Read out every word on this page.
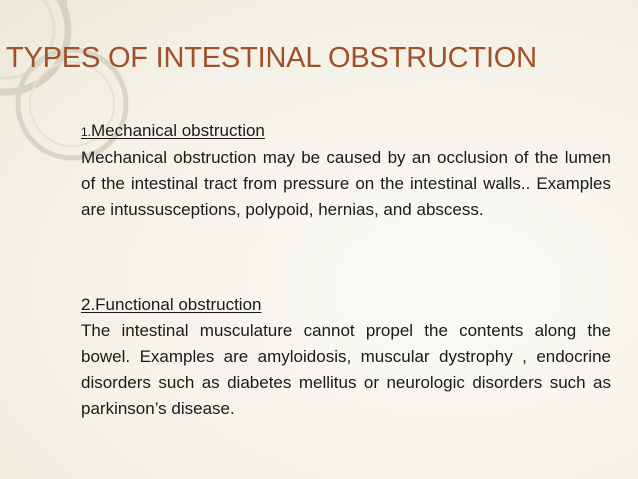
TYPES OF INTESTINAL OBSTRUCTION
1.Mechanical obstruction

Mechanical obstruction may be caused by an occlusion of the lumen of the intestinal tract from pressure on the intestinal walls.. Examples are intussusceptions, polypoid, hernias, and abscess.

2.Functional obstruction

The intestinal musculature cannot propel the contents along the bowel. Examples are amyloidosis, muscular dystrophy , endocrine disorders such as diabetes mellitus or neurologic disorders such as parkinson’s disease.
